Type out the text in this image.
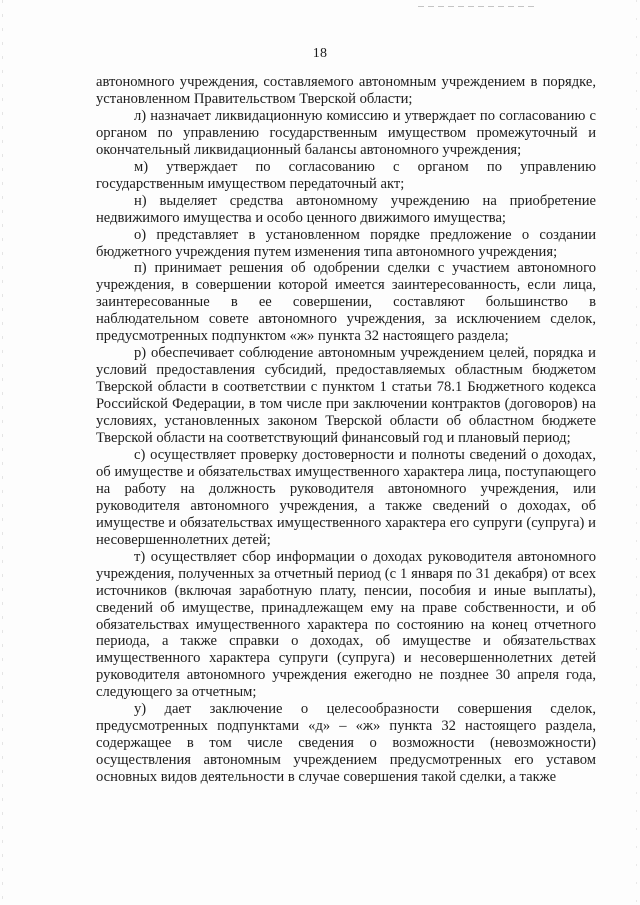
18

автономного учреждения, составляемого автономным учреждением в порядке, установленном Правительством Тверской области;

л) назначает ликвидационную комиссию и утверждает по согласованию с органом по управлению государственным имуществом промежуточный и окончательный ликвидационный балансы автономного учреждения;

м) утверждает по согласованию с органом по управлению государственным имуществом передаточный акт;

н) выделяет средства автономному учреждению на приобретение недвижимого имущества и особо ценного движимого имущества;

о) представляет в установленном порядке предложение о создании бюджетного учреждения путем изменения типа автономного учреждения;

п) принимает решения об одобрении сделки с участием автономного учреждения, в совершении которой имеется заинтересованность, если лица, заинтересованные в ее совершении, составляют большинство в наблюдательном совете автономного учреждения, за исключением сделок, предусмотренных подпунктом «ж» пункта 32 настоящего раздела;

р) обеспечивает соблюдение автономным учреждением целей, порядка и условий предоставления субсидий, предоставляемых областным бюджетом Тверской области в соответствии с пунктом 1 статьи 78.1 Бюджетного кодекса Российской Федерации, в том числе при заключении контрактов (договоров) на условиях, установленных законом Тверской области об областном бюджете Тверской области на соответствующий финансовый год и плановый период;

с) осуществляет проверку достоверности и полноты сведений о доходах, об имуществе и обязательствах имущественного характера лица, поступающего на работу на должность руководителя автономного учреждения, или руководителя автономного учреждения, а также сведений о доходах, об имуществе и обязательствах имущественного характера его супруги (супруга) и несовершеннолетних детей;

т) осуществляет сбор информации о доходах руководителя автономного учреждения, полученных за отчетный период (с 1 января по 31 декабря) от всех источников (включая заработную плату, пенсии, пособия и иные выплаты), сведений об имуществе, принадлежащем ему на праве собственности, и об обязательствах имущественного характера по состоянию на конец отчетного периода, а также справки о доходах, об имуществе и обязательствах имущественного характера супруги (супруга) и несовершеннолетних детей руководителя автономного учреждения ежегодно не позднее 30 апреля года, следующего за отчетным;

у) дает заключение о целесообразности совершения сделок, предусмотренных подпунктами «д» – «ж» пункта 32 настоящего раздела, содержащее в том числе сведения о возможности (невозможности) осуществления автономным учреждением предусмотренных его уставом основных видов деятельности в случае совершения такой сделки, а также
